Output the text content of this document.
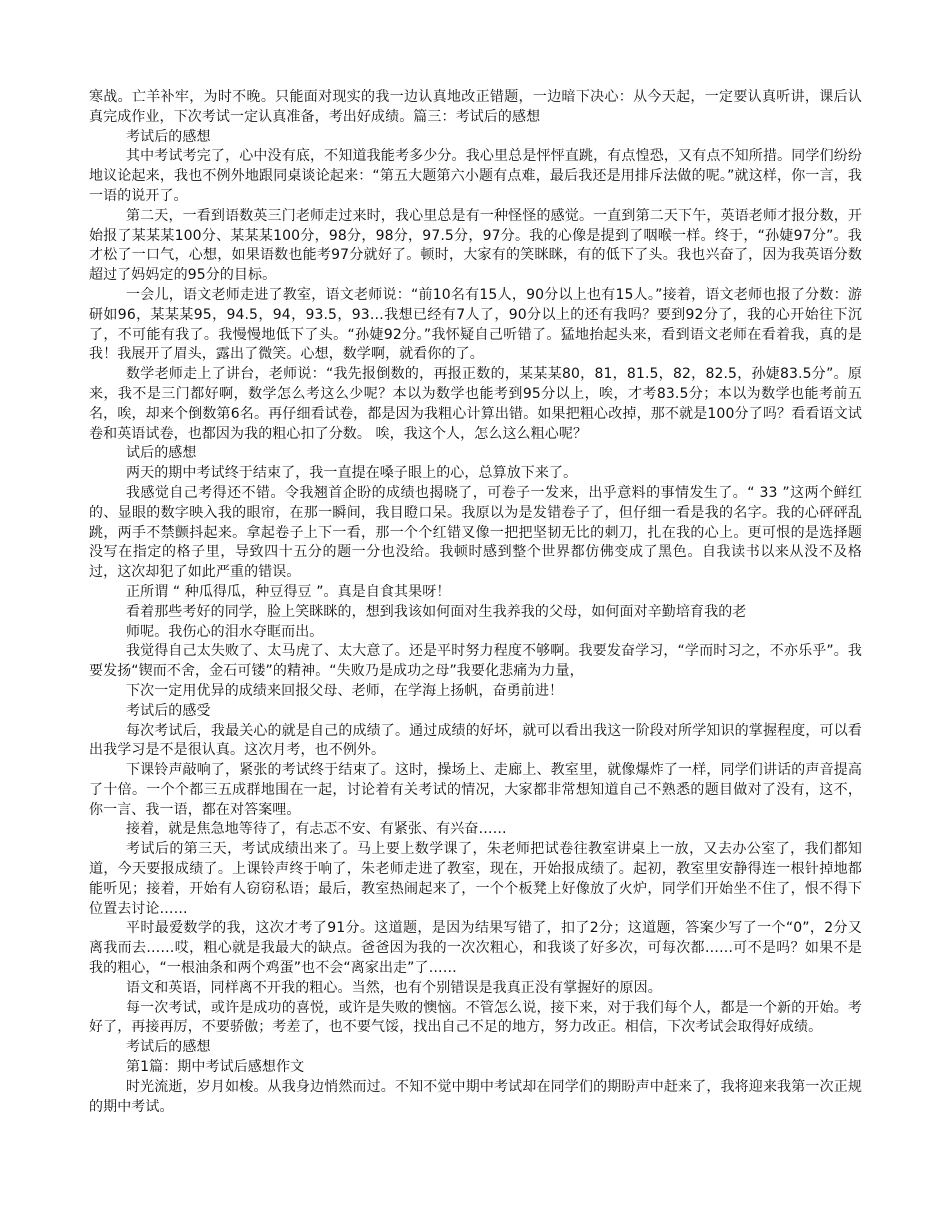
寒战。亡羊补牢，为时不晚。只能面对现实的我一边认真地改正错题，一边暗下决心：从今天起，一定要认真听讲，课后认真完成作业，下次考试一定认真准备，考出好成绩。篇三：考试后的感想

考试后的感想

其中考试考完了，心中没有底，不知道我能考多少分。我心里总是怦怦直跳，有点惶恐，又有点不知所措。同学们纷纷地议论起来，我也不例外地跟同桌谈论起来：“第五大题第六小题有点难，最后我还是用排斥法做的呢。”就这样，你一言，我一语的说开了。

第二天，一看到语数英三门老师走过来时，我心里总是有一种怪怪的感觉。一直到第二天下午，英语老师才报分数，开始报了某某某100分、某某某100分，98分，98分，97.5分，97分。我的心像是提到了咽喉一样。终于，“孙婕97分”。我才松了一口气，心想，如果语数也能考97分就好了。顿时，大家有的笑眯眯，有的低下了头。我也兴奋了，因为我英语分数超过了妈妈定的95分的目标。

一会儿，语文老师走进了教室，语文老师说：“前10名有15人，90分以上也有15人。”接着，语文老师也报了分数：游研如96，某某某95，94.5，94，93.5，93…我想已经有7人了，90分以上的还有我吗？要到92分了，我的心开始往下沉了，不可能有我了。我慢慢地低下了头。“孙婕92分。”我怀疑自己听错了。猛地抬起头来，看到语文老师在看着我，真的是我！我展开了眉头，露出了微笑。心想，数学啊，就看你的了。

数学老师走上了讲台，老师说：“我先报倒数的，再报正数的，某某某80，81，81.5，82，82.5，孙婕83.5分”。原来，我不是三门都好啊，数学怎么考这么少呢？本以为数学也能考到95分以上，唉，才考83.5分；本以为数学也能考前五名，唉，却来个倒数第6名。再仔细看试卷，都是因为我粗心计算出错。如果把粗心改掉，那不就是100分了吗？看看语文试卷和英语试卷，也都因为我的粗心扣了分数。 唉，我这个人，怎么这么粗心呢？

试后的感想

两天的期中考试终于结束了，我一直提在嗓子眼上的心，总算放下来了。

我感觉自己考得还不错。令我翘首企盼的成绩也揭晓了，可卷子一发来，出乎意料的事情发生了。“ 33 ”这两个鲜红的、显眼的数字映入我的眼帘，在那一瞬间，我目瞪口呆。我原以为是发错卷子了，但仔细一看是我的名字。我的心砰砰乱跳，两手不禁颤抖起来。拿起卷子上下一看，那一个个红错叉像一把把坚韧无比的刺刀，扎在我的心上。更可恨的是选择题没写在指定的格子里，导致四十五分的题一分也没给。我顿时感到整个世界都仿佛变成了黑色。自我读书以来从没不及格过，这次却犯了如此严重的错误。

正所谓 “ 种瓜得瓜，种豆得豆 ”。真是自食其果呀！

看着那些考好的同学，脸上笑眯眯的，想到我该如何面对生我养我的父母，如何面对辛勤培育我的老

师呢。我伤心的泪水夺眶而出。

我觉得自己太失败了、太马虎了、太大意了。还是平时努力程度不够啊。我要发奋学习，“学而时习之，不亦乐乎”。我要发扬“锲而不舍，金石可镂”的精神。“失败乃是成功之母”我要化悲痛为力量，

下次一定用优异的成绩来回报父母、老师，在学海上扬帆，奋勇前进！

考试后的感受

每次考试后，我最关心的就是自己的成绩了。通过成绩的好坏，就可以看出我这一阶段对所学知识的掌握程度，可以看出我学习是不是很认真。这次月考，也不例外。

下课铃声敲响了，紧张的考试终于结束了。这时，操场上、走廊上、教室里，就像爆炸了一样，同学们讲话的声音提高了十倍。一个个都三五成群地围在一起，讨论着有关考试的情况，大家都非常想知道自己不熟悉的题目做对了没有，这不，你一言、我一语，都在对答案哩。

接着，就是焦急地等待了，有忐忑不安、有紧张、有兴奋……

考试后的第三天，考试成绩出来了。马上要上数学课了，朱老师把试卷往教室讲桌上一放，又去办公室了，我们都知道，今天要报成绩了。上课铃声终于响了，朱老师走进了教室，现在，开始报成绩了。起初，教室里安静得连一根针掉地都能听见；接着，开始有人窃窃私语；最后，教室热闹起来了，一个个板凳上好像放了火炉，同学们开始坐不住了，恨不得下位置去讨论……

平时最爱数学的我，这次才考了91分。这道题，是因为结果写错了，扣了2分；这道题，答案少写了一个“0”，2分又离我而去……哎，粗心就是我最大的缺点。爸爸因为我的一次次粗心，和我谈了好多次，可每次都……可不是吗？如果不是我的粗心，“一根油条和两个鸡蛋”也不会“离家出走”了……

语文和英语，同样离不开我的粗心。当然，也有个别错误是我真正没有掌握好的原因。

每一次考试，或许是成功的喜悦，或许是失败的懊恼。不管怎么说，接下来，对于我们每个人，都是一个新的开始。考好了，再接再厉，不要骄傲；考差了，也不要气馁，找出自己不足的地方，努力改正。相信，下次考试会取得好成绩。

考试后的感想

第1篇：期中考试后感想作文

时光流逝，岁月如梭。从我身边悄然而过。不知不觉中期中考试却在同学们的期盼声中赶来了，我将迎来我第一次正规的期中考试。
